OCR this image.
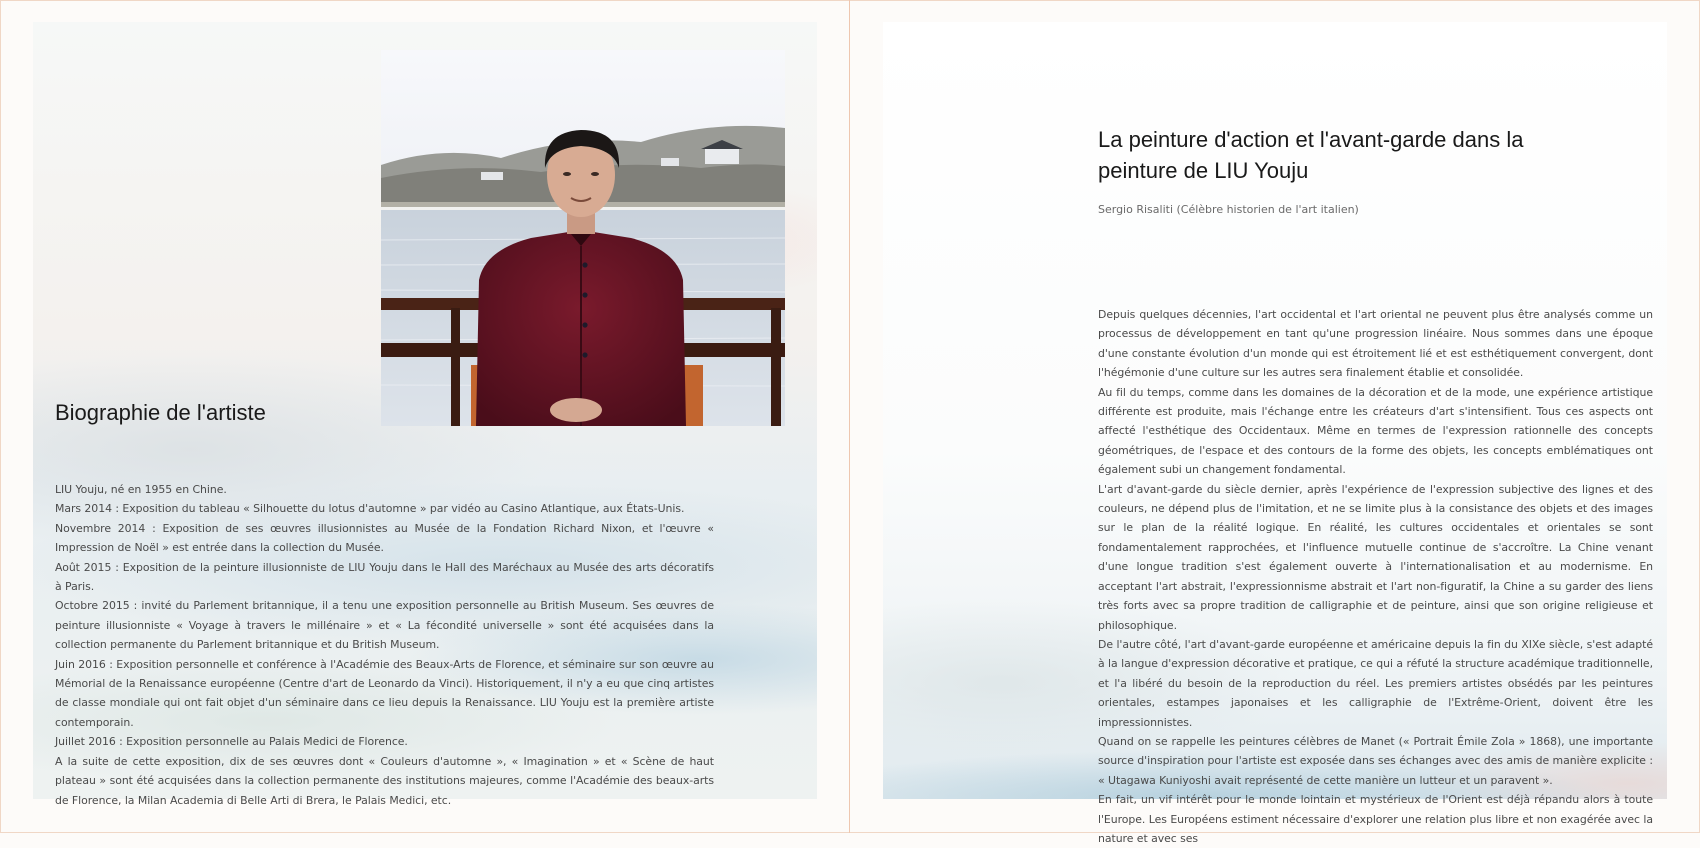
Biographie de l'artiste
LIU Youju, né en 1955 en Chine.
Mars 2014 : Exposition du tableau « Silhouette du lotus d'automne » par vidéo au Casino Atlantique, aux États-Unis.
Novembre 2014 : Exposition de ses œuvres illusionnistes au Musée de la Fondation Richard Nixon, et l'œuvre « Impression de Noël » est entrée dans la collection du Musée.
Août 2015 : Exposition de la peinture illusionniste de LIU Youju dans le Hall des Maréchaux au Musée des arts décoratifs à Paris.
Octobre 2015 : invité du Parlement britannique, il a tenu une exposition personnelle au British Museum. Ses œuvres de peinture illusionniste « Voyage à travers le millénaire » et « La fécondité universelle » sont été acquisées dans la collection permanente du Parlement britannique et du British Museum.
Juin 2016 : Exposition personnelle et conférence à l'Académie des Beaux-Arts de Florence, et séminaire sur son œuvre au Mémorial de la Renaissance européenne (Centre d'art de Leonardo da Vinci). Historiquement, il n'y a eu que cinq artistes de classe mondiale qui ont fait objet d'un séminaire dans ce lieu depuis la Renaissance. LIU Youju est la première artiste contemporain.
Juillet 2016 : Exposition personnelle au Palais Medici de Florence.
A la suite de cette exposition, dix de ses œuvres dont « Couleurs d'automne », « Imagination » et « Scène de haut plateau » sont été acquisées dans la collection permanente des institutions majeures, comme l'Académie des beaux-arts de Florence, la Milan Academia di Belle Arti di Brera, le Palais Medici, etc.
La peinture d'action et l'avant-garde dans la peinture de LIU Youju

Sergio Risaliti (Célèbre historien de l'art italien)

Depuis quelques décennies, l'art occidental et l'art oriental ne peuvent plus être analysés comme un processus de développement en tant qu'une progression linéaire. Nous sommes dans une époque d'une constante évolution d'un monde qui est étroitement lié et est esthétiquement convergent, dont l'hégémonie d'une culture sur les autres sera finalement établie et consolidée.

Au fil du temps, comme dans les domaines de la décoration et de la mode, une expérience artistique différente est produite, mais l'échange entre les créateurs d'art s'intensifient. Tous ces aspects ont affecté l'esthétique des Occidentaux. Même en termes de l'expression rationnelle des concepts géométriques, de l'espace et des contours de la forme des objets, les concepts emblématiques ont également subi un changement fondamental.

L'art d'avant-garde du siècle dernier, après l'expérience de l'expression subjective des lignes et des couleurs, ne dépend plus de l'imitation, et ne se limite plus à la consistance des objets et des images sur le plan de la réalité logique. En réalité, les cultures occidentales et orientales se sont fondamentalement rapprochées, et l'influence mutuelle continue de s'accroître. La Chine venant d'une longue tradition s'est également ouverte à l'internationalisation et au modernisme. En acceptant l'art abstrait, l'expressionnisme abstrait et l'art non-figuratif, la Chine a su garder des liens très forts avec sa propre tradition de calligraphie et de peinture, ainsi que son origine religieuse et philosophique.

De l'autre côté, l'art d'avant-garde européenne et américaine depuis la fin du XIXe siècle, s'est adapté à la langue d'expression décorative et pratique, ce qui a réfuté la structure académique traditionnelle, et l'a libéré du besoin de la reproduction du réel. Les premiers artistes obsédés par les peintures orientales, estampes japonaises et les calligraphie de l'Extrême-Orient, doivent être les impressionnistes.

Quand on se rappelle les peintures célèbres de Manet (« Portrait Émile Zola » 1868), une importante source d'inspiration pour l'artiste est exposée dans ses échanges avec des amis de manière explicite : « Utagawa Kuniyoshi avait représenté de cette manière un lutteur et un paravent ».

En fait, un vif intérêt pour le monde lointain et mystérieux de l'Orient est déjà répandu alors à toute l'Europe. Les Européens estiment nécessaire d'explorer une relation plus libre et non exagérée avec la nature et avec ses
